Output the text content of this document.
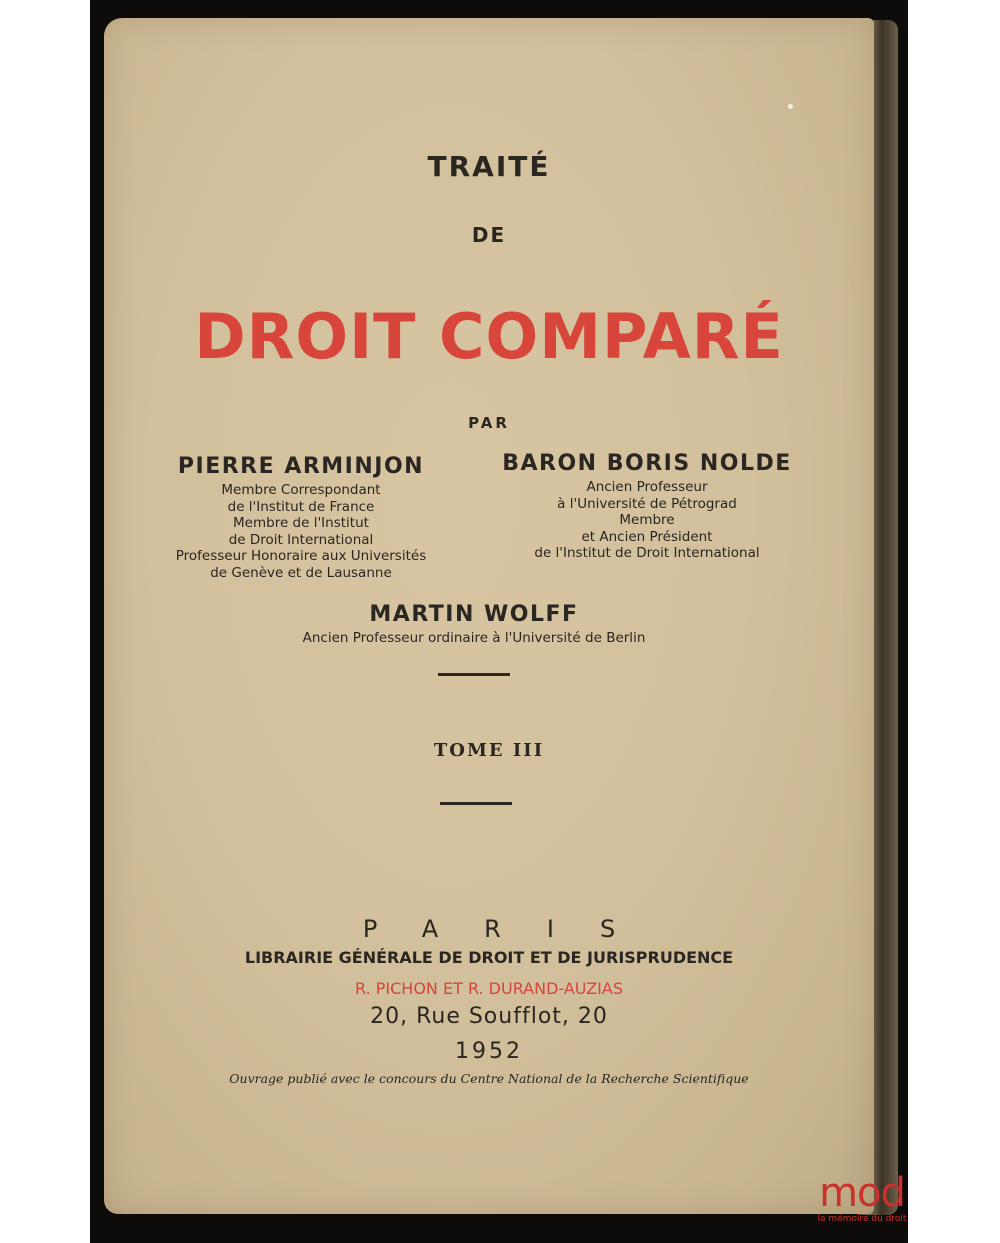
TRAITÉ
DE
DROIT COMPARÉ
PAR
PIERRE ARMINJON
Membre Correspondant
de l'Institut de France
Membre de l'Institut
de Droit International
Professeur Honoraire aux Universités
de Genève et de Lausanne
BARON BORIS NOLDE
Ancien Professeur
à l'Université de Pétrograd
Membre
et Ancien Président
de l'Institut de Droit International
MARTIN WOLFF
Ancien Professeur ordinaire à l'Université de Berlin
TOME III
PARIS
LIBRAIRIE GÉNÉRALE DE DROIT ET DE JURISPRUDENCE
R. PICHON ET R. DURAND-AUZIAS
20, Rue Soufflot, 20
1952
Ouvrage publié avec le concours du Centre National de la Recherche Scientifique
mod
la mémoire du droit
